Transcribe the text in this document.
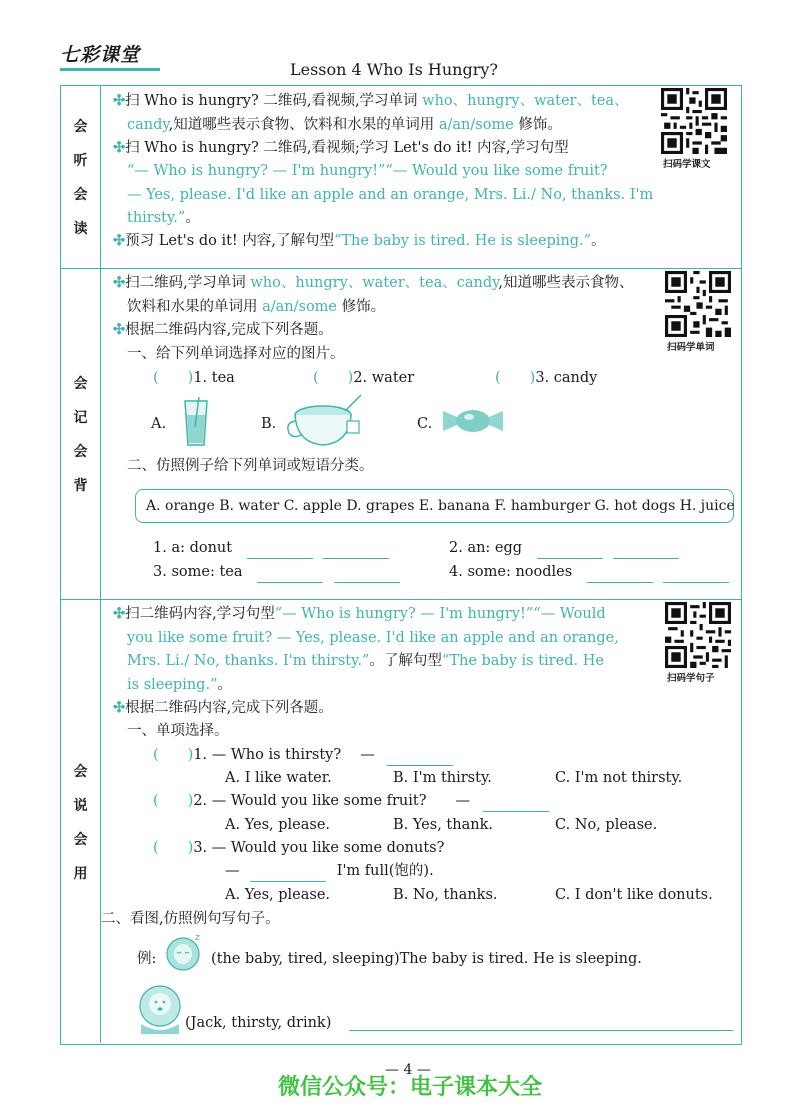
七彩课堂
Lesson 4 Who Is Hungry?
会
听
会
读
✣扫 Who is hungry? 二维码,看视频,学习单词 who、hungry、water、tea、
candy,知道哪些表示食物、饮料和水果的单词用 a/an/some 修饰。
✣扫 Who is hungry? 二维码,看视频;学习 Let's do it! 内容,学习句型
“— Who is hungry? — I'm hungry!”“— Would you like some fruit?
— Yes, please. I'd like an apple and an orange, Mrs. Li./ No, thanks. I'm
thirsty.”。
✣预习 Let's do it! 内容,了解句型“The baby is tired. He is sleeping.”。
扫码学课文
会
记
会
背
✣扫二维码,学习单词 who、hungry、water、tea、candy,知道哪些表示食物、
饮料和水果的单词用 a/an/some 修饰。
✣根据二维码内容,完成下列各题。
一、给下列单词选择对应的图片。
(　　)1. tea	(　　)2. water	(　　)3. candy
A.	B.	C.
二、仿照例子给下列单词或短语分类。
A. orange B. water C. apple D. grapes E. banana F. hamburger G. hot dogs H. juice
1. a: donut	2. an: egg
3. some: tea	4. some: noodles
扫码学单词
会
说
会
用
✣扫二维码内容,学习句型“— Who is hungry? — I'm hungry!”“— Would
you like some fruit? — Yes, please. I'd like an apple and an orange,
Mrs. Li./ No, thanks. I'm thirsty.”。了解句型“The baby is tired. He
is sleeping.”。
✣根据二维码内容,完成下列各题。
一、单项选择。
(　　)1. — Who is thirsty?　 —
A. I like water.	B. I'm thirsty.	C. I'm not thirsty.
(　　)2. — Would you like some fruit?　　—
A. Yes, please.	B. Yes, thank.	C. No, please.
(　　)3. — Would you like some donuts?
—	I'm full(饱的).
A. Yes, please.	B. No, thanks.	C. I don't like donuts.
二、看图,仿照例句写句子。
例:
z
(the baby, tired, sleeping)The baby is tired. He is sleeping.
(Jack, thirsty, drink)
扫码学句子
— 4 —
微信公众号：电子课本大全
